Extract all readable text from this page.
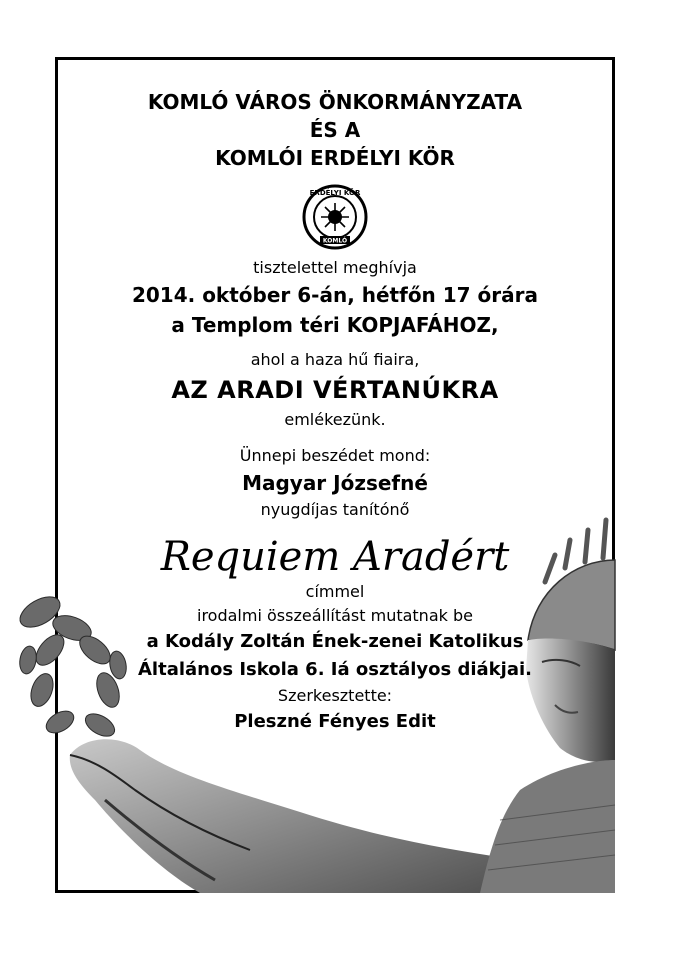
KOMLÓ VÁROS ÖNKORMÁNYZATA
ÉS A
KOMLÓI ERDÉLYI KÖR
KOMLÓ
ERDÉLYI KÖR
tisztelettel meghívja
2014. október 6-án, hétfőn 17 órára
a Templom téri KOPJAFÁHOZ,
ahol a haza hű fiaira,
AZ ARADI VÉRTANÚKRA
emlékezünk.
Ünnepi beszédet mond:
Magyar Józsefné
nyugdíjas tanítónő
Requiem Aradért
címmel
irodalmi összeállítást mutatnak be
a Kodály Zoltán Ének-zenei Katolikus
Általános Iskola 6. Iá osztályos diákjai.
Szerkesztette:
Pleszné Fényes Edit
